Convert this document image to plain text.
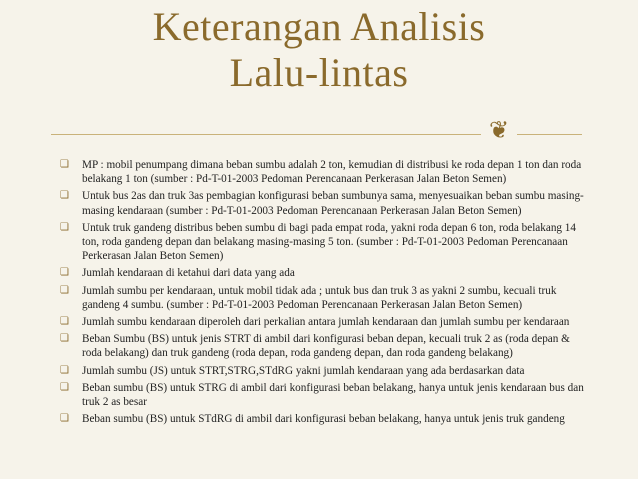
Keterangan Analisis
Lalu-lintas
❦
❏ MP : mobil penumpang dimana beban sumbu adalah 2 ton, kemudian di distribusi ke roda depan 1 ton dan roda belakang 1 ton (sumber : Pd-T-01-2003 Pedoman Perencanaan Perkerasan Jalan Beton Semen)
❏ Untuk bus 2as dan truk 3as pembagian konfigurasi beban sumbunya sama, menyesuaikan beban sumbu masing-masing kendaraan (sumber : Pd-T-01-2003 Pedoman Perencanaan Perkerasan Jalan Beton Semen)
❏ Untuk truk gandeng distribus beben sumbu di bagi pada empat roda, yakni roda depan 6 ton, roda belakang 14 ton, roda gandeng depan dan belakang masing-masing 5 ton. (sumber : Pd-T-01-2003 Pedoman Perencanaan Perkerasan Jalan Beton Semen)
❏ Jumlah kendaraan di ketahui dari data yang ada
❏ Jumlah sumbu per kendaraan, untuk mobil tidak ada ; untuk bus dan truk 3 as yakni 2 sumbu, kecuali truk gandeng 4 sumbu. (sumber : Pd-T-01-2003 Pedoman Perencanaan Perkerasan Jalan Beton Semen)
❏ Jumlah sumbu kendaraan diperoleh dari perkalian antara jumlah kendaraan dan jumlah sumbu per kendaraan
❏ Beban Sumbu (BS) untuk jenis STRT di ambil dari konfigurasi beban depan, kecuali truk 2 as (roda depan & roda belakang) dan truk gandeng (roda depan, roda gandeng depan, dan roda gandeng belakang)
❏ Jumlah sumbu (JS) untuk STRT,STRG,STdRG yakni jumlah kendaraan yang ada berdasarkan data
❏ Beban sumbu (BS) untuk STRG di ambil dari konfigurasi beban belakang, hanya untuk jenis kendaraan bus dan truk 2 as besar
❏ Beban sumbu (BS) untuk STdRG di ambil dari konfigurasi beban belakang, hanya untuk jenis truk gandeng
